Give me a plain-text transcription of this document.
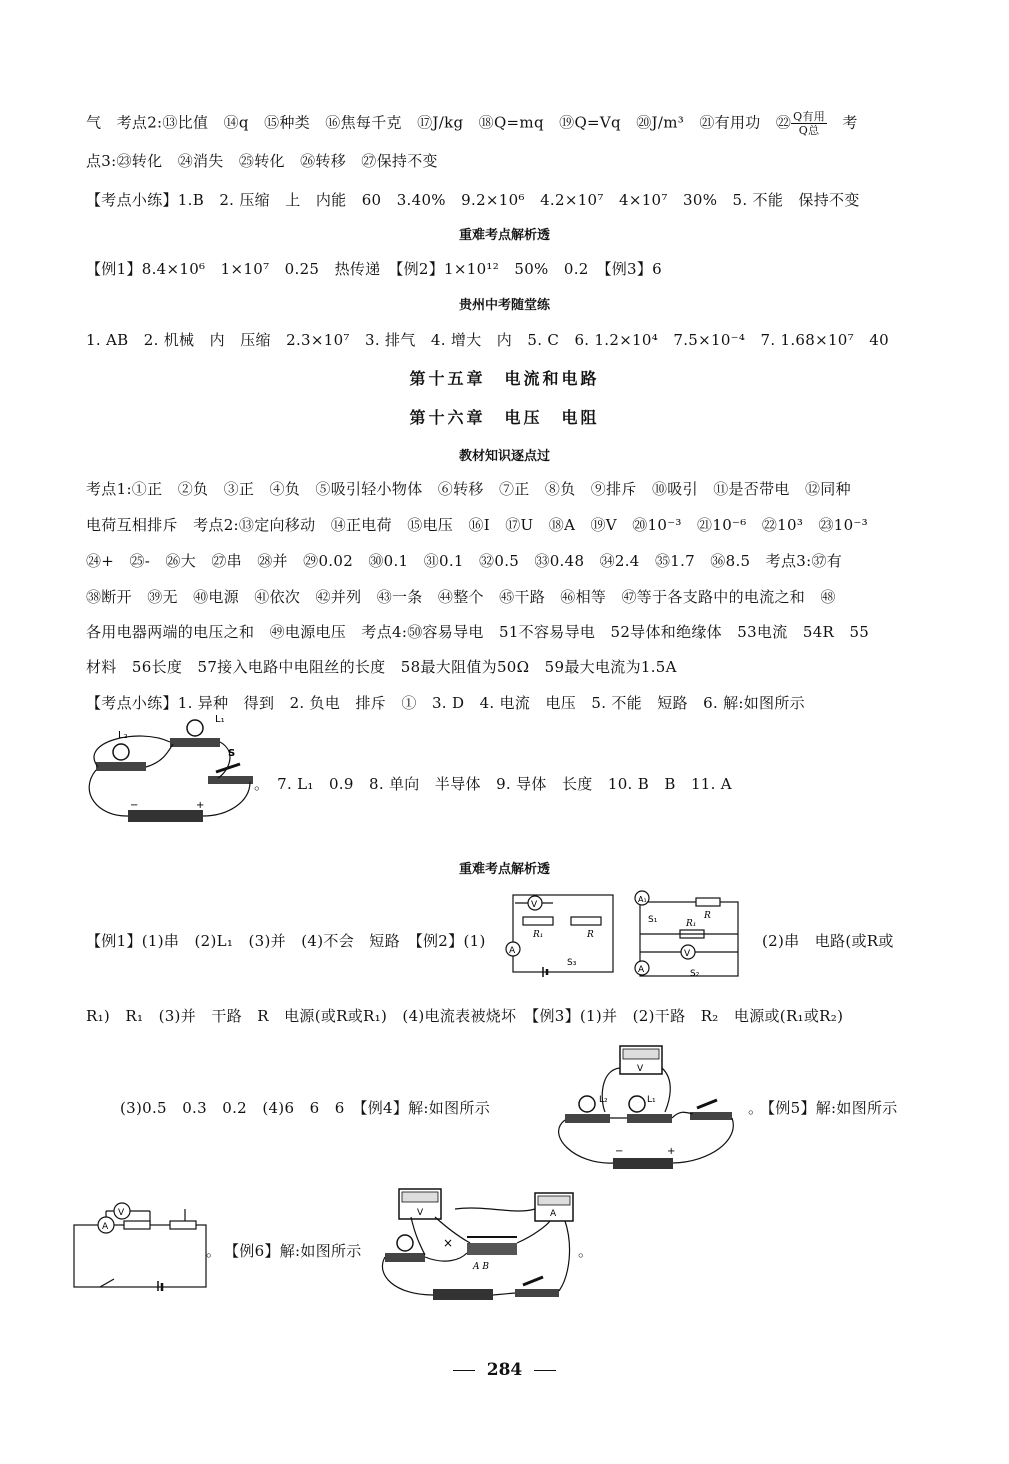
气　考点2:⑬比值　⑭q　⑮种类　⑯焦每千克　⑰J/kg　⑱Q=mq　⑲Q=Vq　⑳J/m³　㉑有用功　㉒ $\frac{\text{Q有用}}{\text{Q总}}$ 　考
点3:㉓转化　㉔消失　㉕转化　㉖转移　㉗保持不变
【考点小练】1.B　2. 压缩　上　内能　60　3.40%　9.2×10⁶　4.2×10⁷　4×10⁷　30%　5. 不能　保持不变
重难考点解析透
【例1】8.4×10⁶　1×10⁷　0.25　热传递　【例2】1×10¹²　50%　0.2　【例3】6
贵州中考随堂练
1. AB　2. 机械　内　压缩　2.3×10⁷　3. 排气　4. 增大　内　5. C　6. 1.2×10⁴　7.5×10⁻⁴　7. 1.68×10⁷　40
第十五章　电流和电路
第十六章　电压　电阻
教材知识逐点过
考点1:①正　②负　③正　④负　⑤吸引轻小物体　⑥转移　⑦正　⑧负　⑨排斥　⑩吸引　⑪是否带电　⑫同种
电荷互相排斥　考点2:⑬定向移动　⑭正电荷　⑮电压　⑯I　⑰U　⑱A　⑲V　⑳10⁻³　㉑10⁻⁶　㉒10³　㉓10⁻³
㉔+　㉕-　㉖大　㉗串　㉘并　㉙0.02　㉚0.1　㉛0.1　㉜0.5　㉝0.48　㉞2.4　㉟1.7　㊱8.5　考点3:㊲有
㊳断开　㊴无　㊵电源　㊶依次　㊷并列　㊸一条　㊹整个　㊺干路　㊻相等　㊼等于各支路中的电流之和　㊽
各用电器两端的电压之和　㊾电源电压　考点4:㊿容易导电　51不容易导电　52导体和绝缘体　53电流　54R　55
材料　56长度　57接入电路中电阻丝的长度　58最大阻值为50Ω　59最大电流为1.5A
【考点小练】1. 异种　得到　2. 负电　排斥　①　3. D　4. 电流　电压　5. 不能　短路　6. 解:如图所示
L₁
L₂
S
−	+
。　7. L₁　0.9　8. 单向　半导体　9. 导体　长度　10. B　B　11. A
重难考点解析透
【例1】(1)串　(2)L₁　(3)并　(4)不会　短路　【例2】(1)
V
A
R₁	R
S₃
A₁
S₁	R
R₁
V
A	S₂
(2)串　电路(或R或
R₁)　R₁　(3)并　干路　R　电源(或R或R₁)　(4)电流表被烧坏　【例3】(1)并　(2)干路　R₂　电源或(R₁或R₂)
(3)0.5　0.3　0.2　(4)6　6　6　【例4】解:如图所示
V
L₂	L₁
−	+
。
【例5】解:如图所示
V
A
。 【例6】解:如图所示	×
V	A
A B
。
284
